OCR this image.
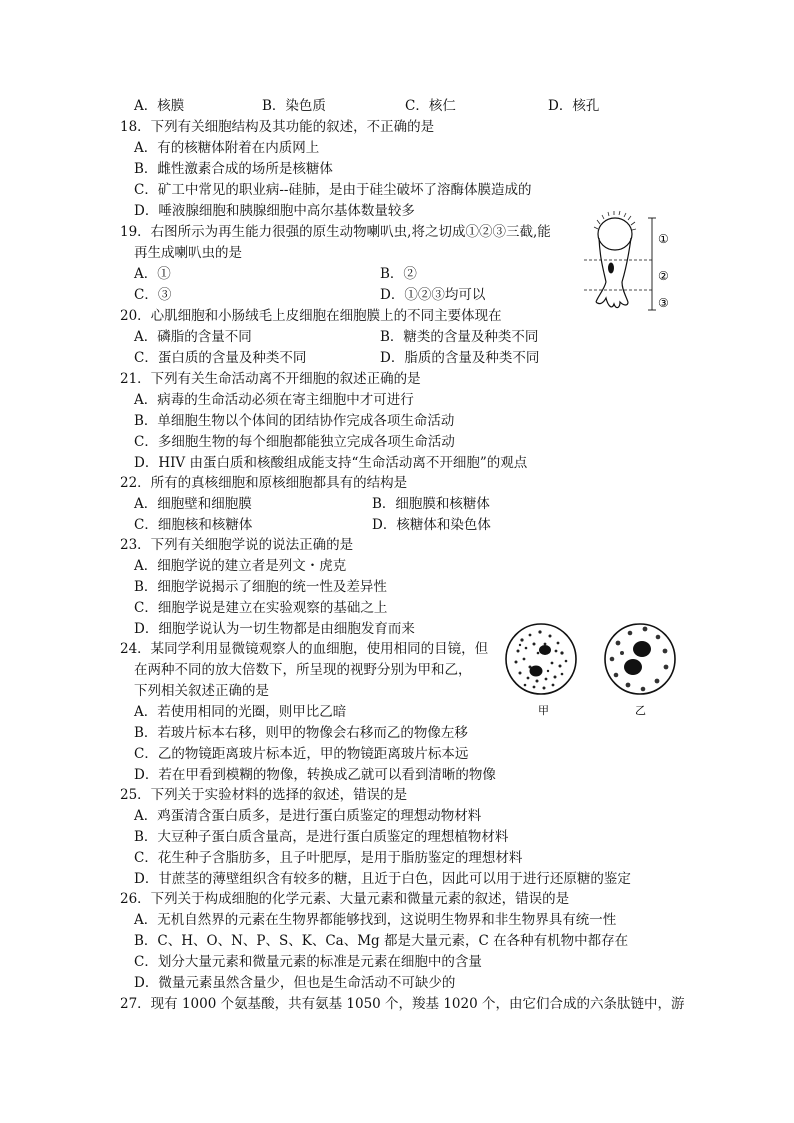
A．核膜	B．染色质	C．核仁	D．核孔
18．下列有关细胞结构及其功能的叙述，不正确的是
A．有的核糖体附着在内质网上
B．雌性激素合成的场所是核糖体
C．矿工中常见的职业病--硅肺，是由于硅尘破坏了溶酶体膜造成的
D．唾液腺细胞和胰腺细胞中高尔基体数量较多
19．右图所示为再生能力很强的原生动物喇叭虫,将之切成①②③三截,能
再生成喇叭虫的是
A．①	B．②
C．③	D．①②③均可以
①
②
③
20．心肌细胞和小肠绒毛上皮细胞在细胞膜上的不同主要体现在
A．磷脂的含量不同	B．糖类的含量及种类不同
C．蛋白质的含量及种类不同	D．脂质的含量及种类不同
21．下列有关生命活动离不开细胞的叙述正确的是
A．病毒的生命活动必须在寄主细胞中才可进行
B．单细胞生物以个体间的团结协作完成各项生命活动
C．多细胞生物的每个细胞都能独立完成各项生命活动
D．HIV 由蛋白质和核酸组成能支持“生命活动离不开细胞”的观点
22．所有的真核细胞和原核细胞都具有的结构是
A．细胞壁和细胞膜	B．细胞膜和核糖体
C．细胞核和核糖体	D．核糖体和染色体
23．下列有关细胞学说的说法正确的是
A．细胞学说的建立者是列文・虎克
B．细胞学说揭示了细胞的统一性及差异性
C．细胞学说是建立在实验观察的基础之上
D．细胞学说认为一切生物都是由细胞发育而来
24．某同学利用显微镜观察人的血细胞，使用相同的目镜，但
在两种不同的放大倍数下，所呈现的视野分别为甲和乙，
下列相关叙述正确的是
A．若使用相同的光圈，则甲比乙暗
B．若玻片标本右移，则甲的物像会右移而乙的物像左移
C．乙的物镜距离玻片标本近，甲的物镜距离玻片标本远
D．若在甲看到模糊的物像，转换成乙就可以看到清晰的物像
甲	乙
25．下列关于实验材料的选择的叙述，错误的是
A．鸡蛋清含蛋白质多，是进行蛋白质鉴定的理想动物材料
B．大豆种子蛋白质含量高，是进行蛋白质鉴定的理想植物材料
C．花生种子含脂肪多，且子叶肥厚，是用于脂肪鉴定的理想材料
D．甘蔗茎的薄壁组织含有较多的糖，且近于白色，因此可以用于进行还原糖的鉴定
26．下列关于构成细胞的化学元素、大量元素和微量元素的叙述，错误的是
A．无机自然界的元素在生物界都能够找到，这说明生物界和非生物界具有统一性
B．C、H、O、N、P、S、K、Ca、Mg 都是大量元素，C 在各种有机物中都存在
C．划分大量元素和微量元素的标准是元素在细胞中的含量
D．微量元素虽然含量少，但也是生命活动不可缺少的
27．现有 1000 个氨基酸，共有氨基 1050 个，羧基 1020 个，由它们合成的六条肽链中，游
